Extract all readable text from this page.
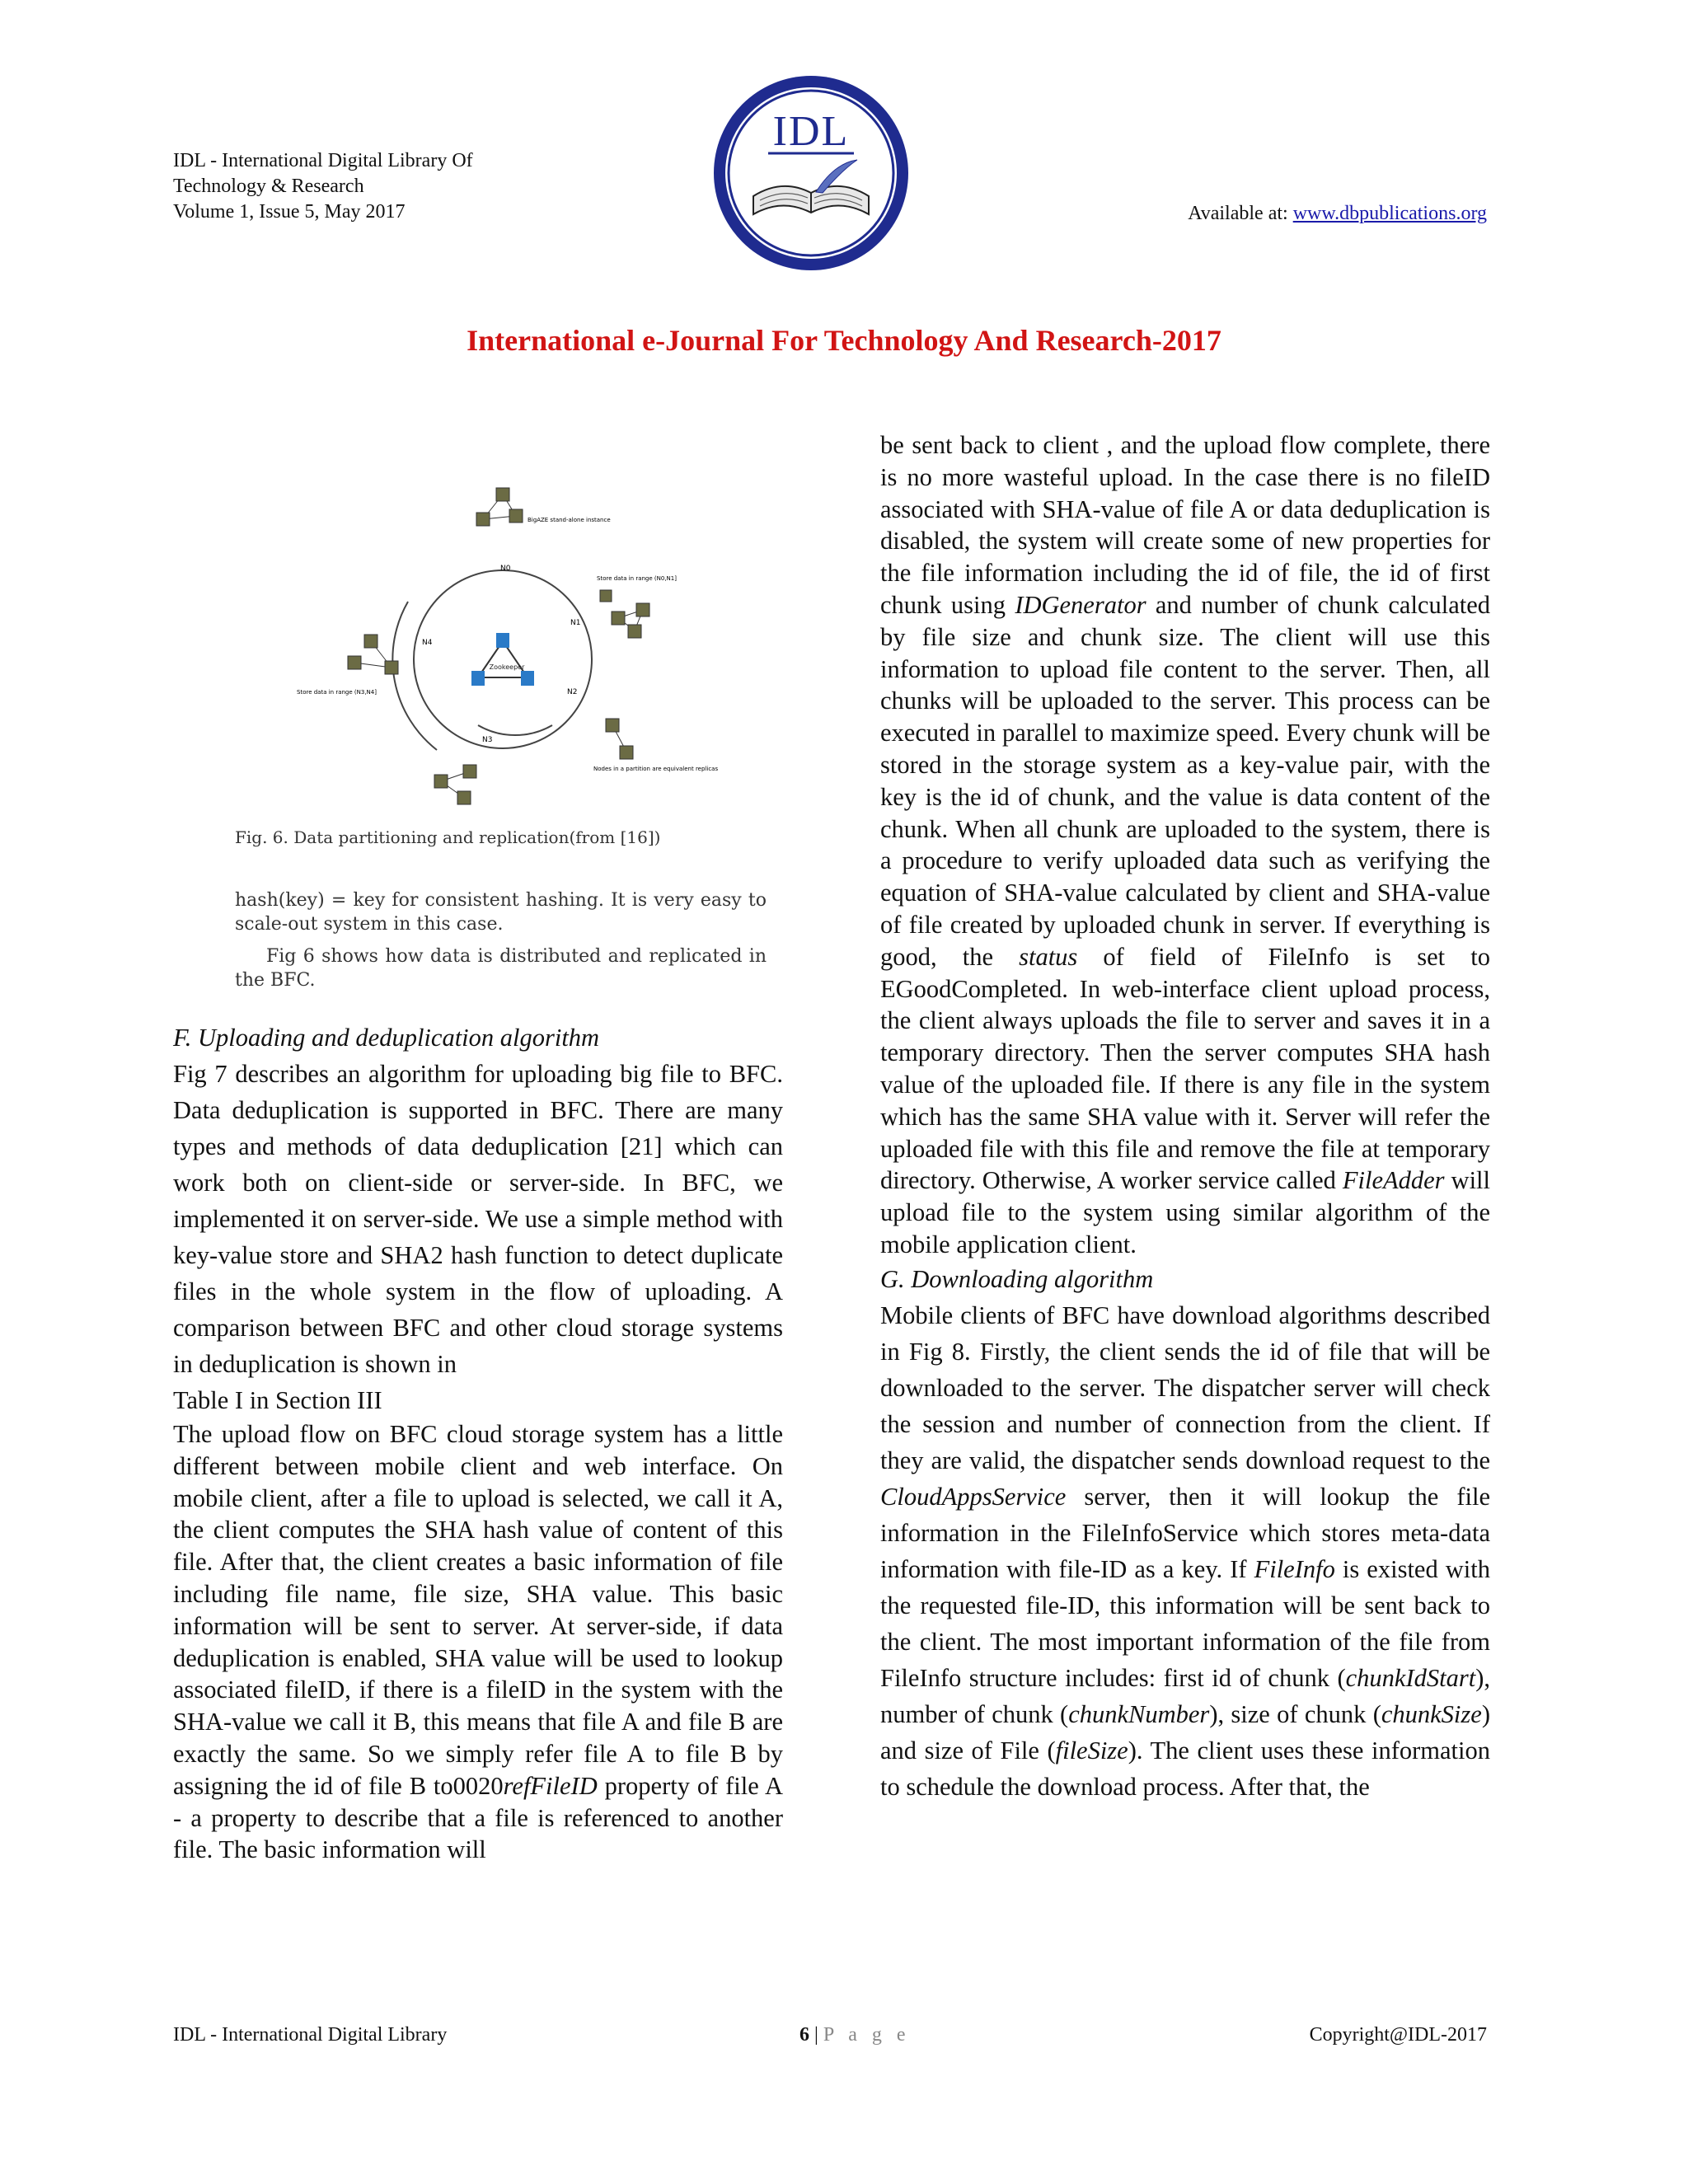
IDL - International Digital Library Of
Technology & Research
Volume 1, Issue 5, May 2017
IDL
Available at: www.dbpublications.org
International e-Journal For Technology And Research-2017
Zookeeper
N0
N1
N2
N3
N4
BigAZE stand-alone instance
Store data in range (N0,N1]
Store data in range (N3,N4]
Nodes in a partition are equivalent replicas
Fig. 6. Data partitioning and replication(from [16])

hash(key) = key for consistent hashing. It is very easy to scale-out system in this case.

Fig 6 shows how data is distributed and replicated in the BFC.

F. Uploading and deduplication algorithm

Fig 7 describes an algorithm for uploading big file to BFC. Data deduplication is supported in BFC. There are many types and methods of data deduplication [21] which can work both on client-side or server-side. In BFC, we implemented it on server-side. We use a simple method with key-value store and SHA2 hash function to detect duplicate files in the whole system in the flow of uploading. A comparison between BFC and other cloud storage systems in deduplication is shown in

Table I in Section III

The upload flow on BFC cloud storage system has a little different between mobile client and web interface. On mobile client, after a file to upload is selected, we call it A, the client computes the SHA hash value of content of this file. After that, the client creates a basic information of file including file name, file size, SHA value. This basic information will be sent to server. At server-side, if data deduplication is enabled, SHA value will be used to lookup associated fileID, if there is a fileID in the system with the SHA-value we call it B, this means that file A and file B are exactly the same. So we simply refer file A to file B by assigning the id of file B to0020refFileID property of file A - a property to describe that a file is referenced to another file. The basic information will

be sent back to client , and the upload flow complete, there is no more wasteful upload. In the case there is no fileID associated with SHA-value of file A or data deduplication is disabled, the system will create some of new properties for the file information including the id of file, the id of first chunk using IDGenerator and number of chunk calculated by file size and chunk size. The client will use this information to upload file content to the server. Then, all chunks will be uploaded to the server. This process can be executed in parallel to maximize speed. Every chunk will be stored in the storage system as a key-value pair, with the key is the id of chunk, and the value is data content of the chunk. When all chunk are uploaded to the system, there is a procedure to verify uploaded data such as verifying the equation of SHA-value calculated by client and SHA-value of file created by uploaded chunk in server. If everything is good, the status of field of FileInfo is set to EGoodCompleted. In web-interface client upload process, the client always uploads the file to server and saves it in a temporary directory. Then the server computes SHA hash value of the uploaded file. If there is any file in the system which has the same SHA value with it. Server will refer the uploaded file with this file and remove the file at temporary directory. Otherwise, A worker service called FileAdder will upload file to the system using similar algorithm of the mobile application client.

G. Downloading algorithm

Mobile clients of BFC have download algorithms described in Fig 8. Firstly, the client sends the id of file that will be downloaded to the server. The dispatcher server will check the session and number of connection from the client. If they are valid, the dispatcher sends download request to the CloudAppsService server, then it will lookup the file information in the FileInfoService which stores meta-data information with file-ID as a key. If FileInfo is existed with the requested file-ID, this information will be sent back to the client. The most important information of the file from FileInfo structure includes: first id of chunk (chunkIdStart), number of chunk (chunkNumber), size of chunk (chunkSize) and size of File (fileSize). The client uses these information to schedule the download process. After that, the

IDL - International Digital Library	6 | P a g e	Copyright@IDL-2017
